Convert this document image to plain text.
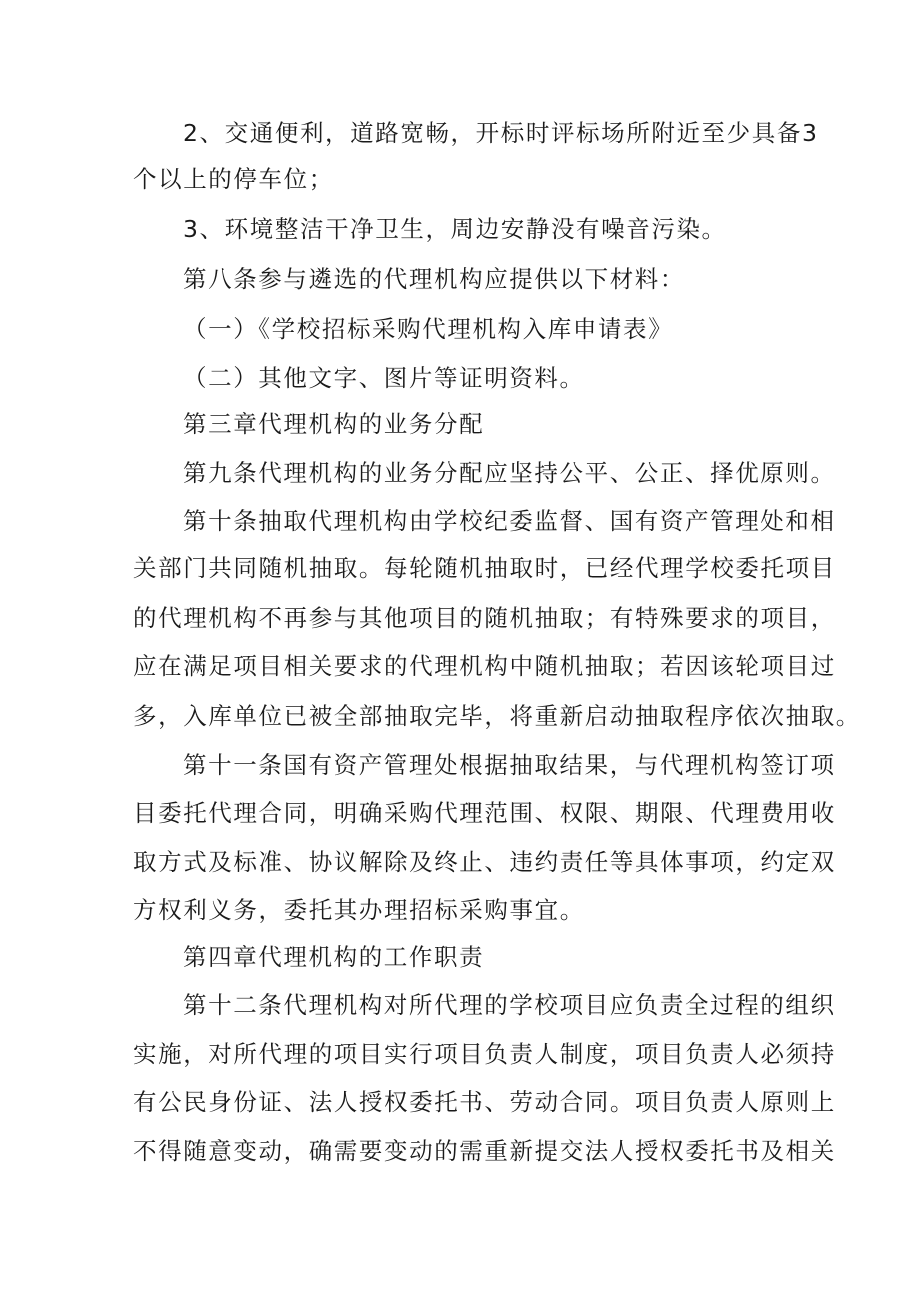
2、交通便利，道路宽畅，开标时评标场所附近至少具备3
个以上的停车位；
3、环境整洁干净卫生，周边安静没有噪音污染。
第八条参与遴选的代理机构应提供以下材料：
（一）《学校招标采购代理机构入库申请表》
（二）其他文字、图片等证明资料。
第三章代理机构的业务分配
第九条代理机构的业务分配应坚持公平、公正、择优原则。
第十条抽取代理机构由学校纪委监督、国有资产管理处和相
关部门共同随机抽取。每轮随机抽取时，已经代理学校委托项目
的代理机构不再参与其他项目的随机抽取；有特殊要求的项目，
应在满足项目相关要求的代理机构中随机抽取；若因该轮项目过
多，入库单位已被全部抽取完毕，将重新启动抽取程序依次抽取。
第十一条国有资产管理处根据抽取结果，与代理机构签订项
目委托代理合同，明确采购代理范围、权限、期限、代理费用收
取方式及标准、协议解除及终止、违约责任等具体事项，约定双
方权利义务，委托其办理招标采购事宜。
第四章代理机构的工作职责
第十二条代理机构对所代理的学校项目应负责全过程的组织
实施，对所代理的项目实行项目负责人制度，项目负责人必须持
有公民身份证、法人授权委托书、劳动合同。项目负责人原则上
不得随意变动，确需要变动的需重新提交法人授权委托书及相关
